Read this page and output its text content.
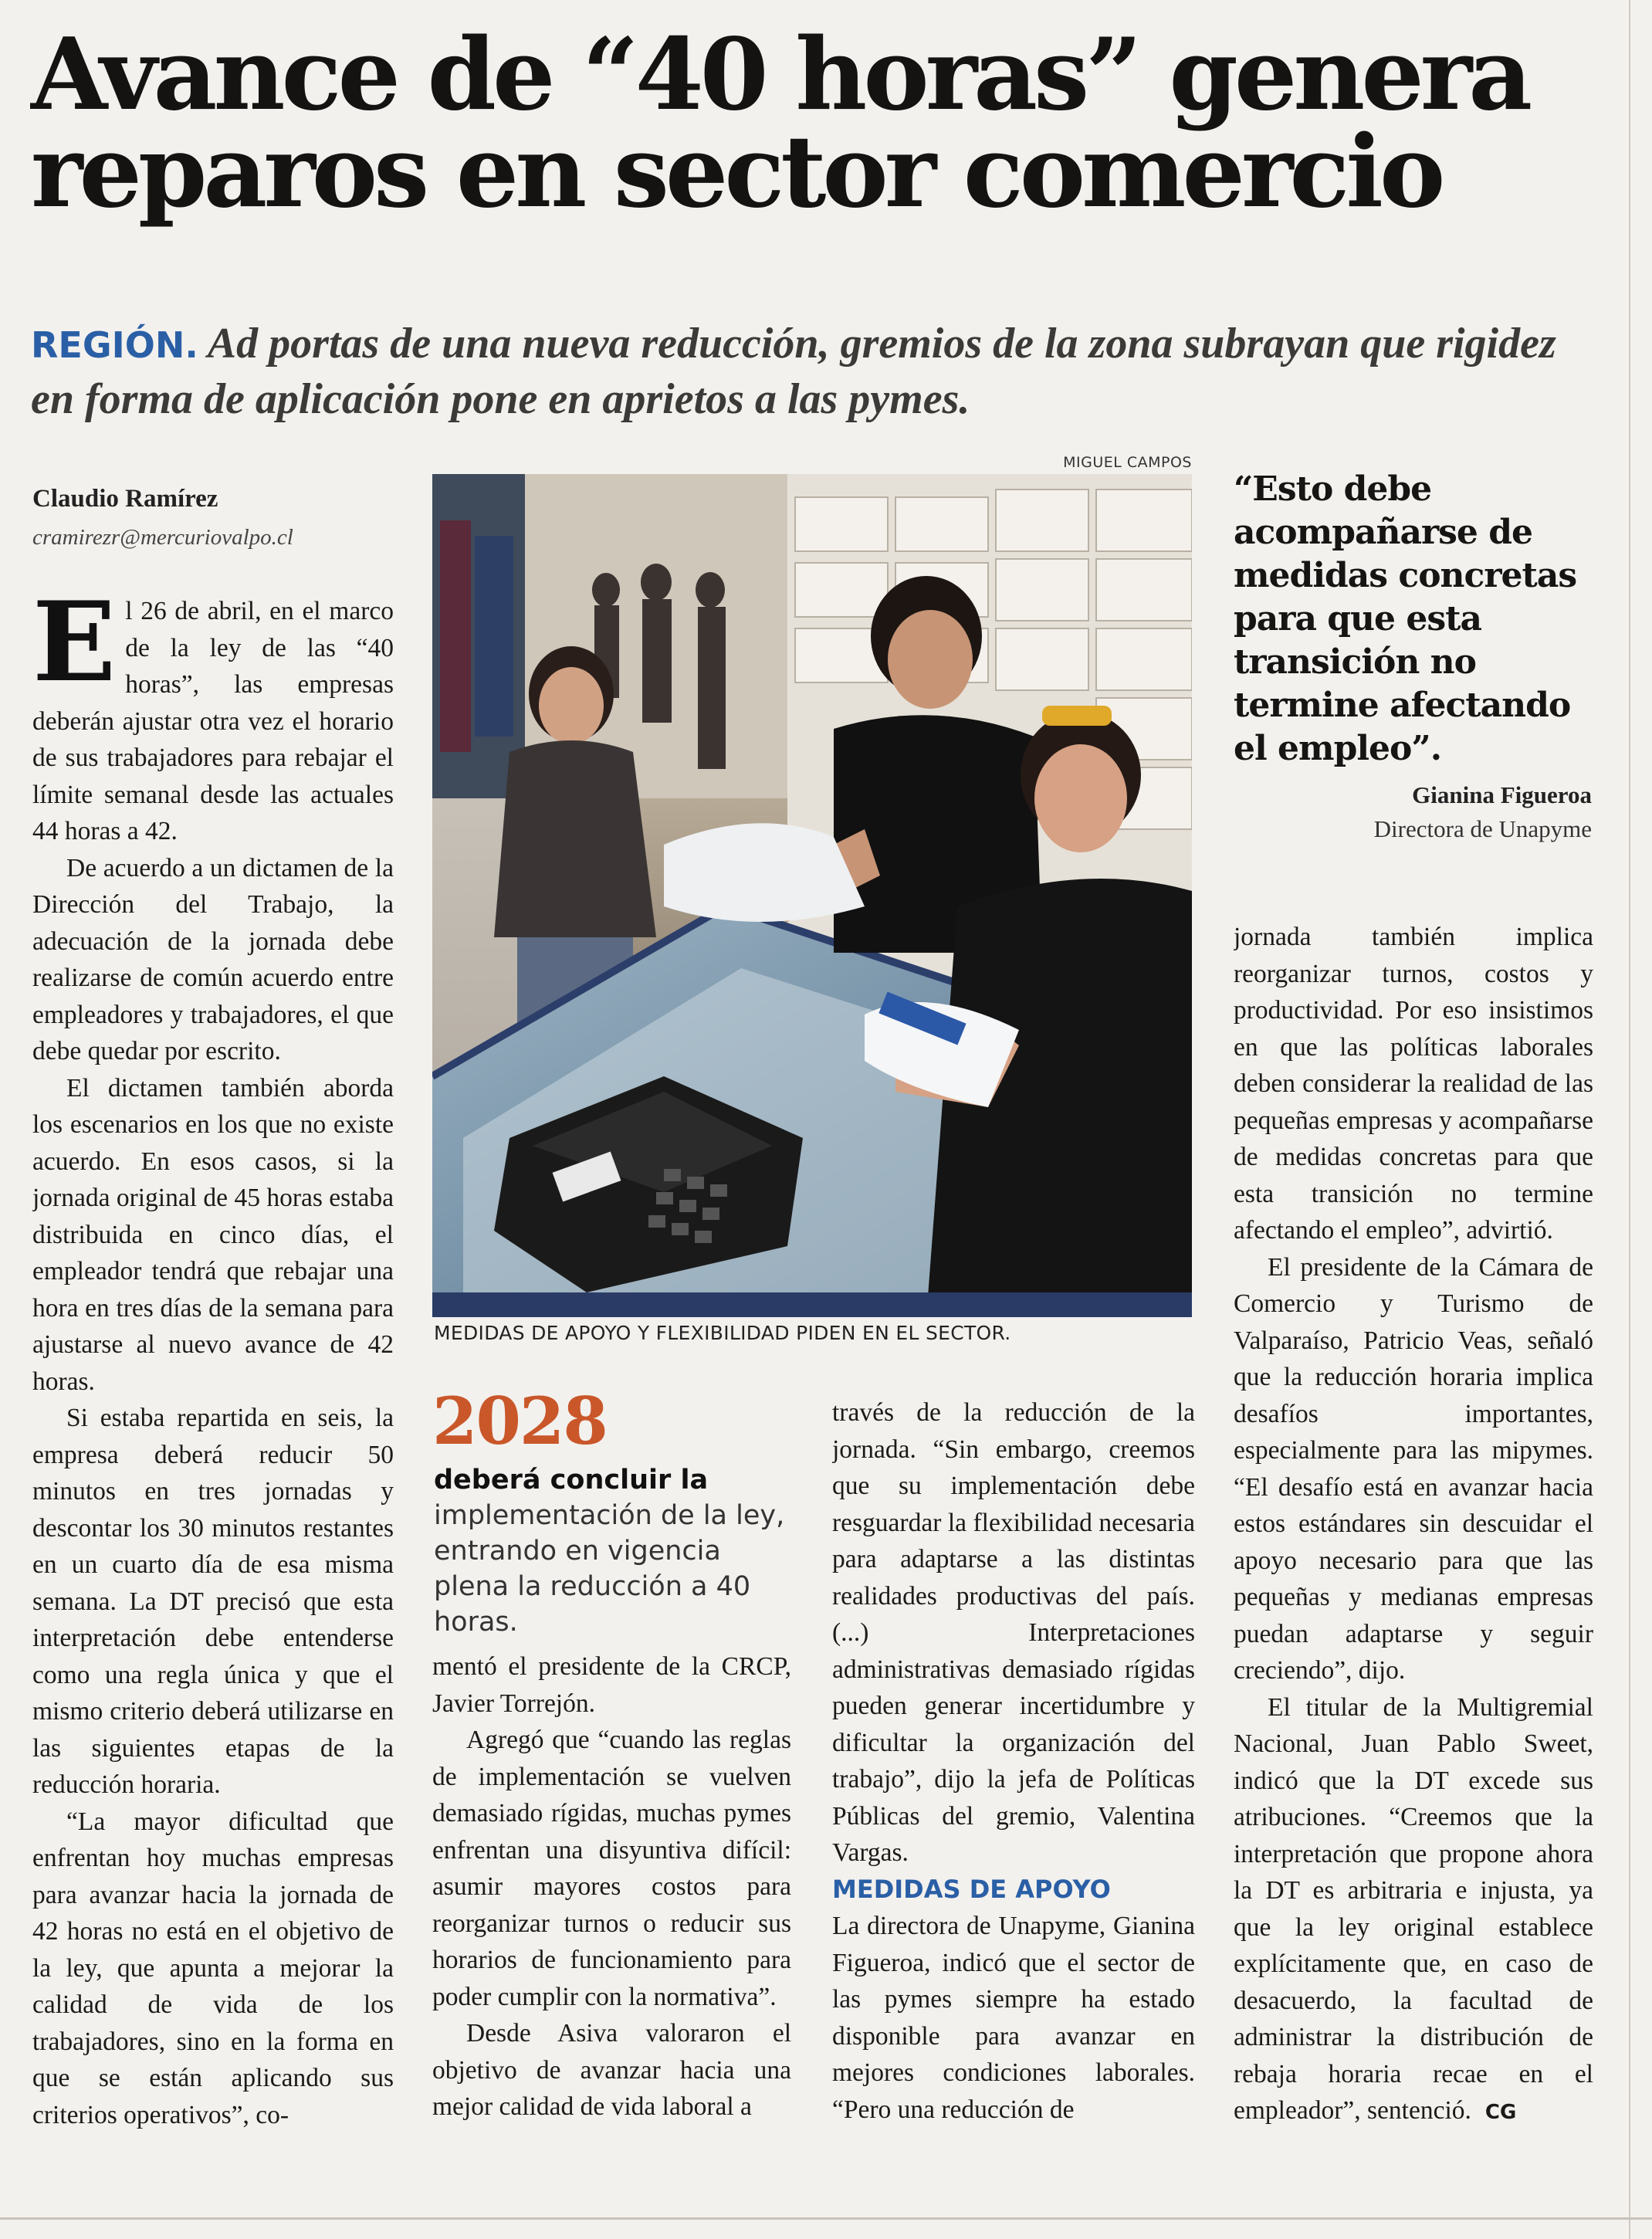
Avance de “40 horas” genera
reparos en sector comercio

REGIÓN. Ad portas de una nueva reducción, gremios de la zona subrayan que rigidez en forma de aplicación pone en aprietos a las pymes.

Claudio Ramírez
cramirezr@mercuriovalpo.cl

El 26 de abril, en el marco de la ley de las “40 horas”, las empresas deberán ajustar otra vez el horario de sus trabajadores para rebajar el límite semanal desde las actuales 44 horas a 42.

De acuerdo a un dictamen de la Dirección del Trabajo, la adecuación de la jornada debe realizarse de común acuerdo entre empleadores y trabajadores, el que debe quedar por escrito.

El dictamen también aborda los escenarios en los que no existe acuerdo. En esos casos, si la jornada original de 45 horas estaba distribuida en cinco días, el empleador tendrá que rebajar una hora en tres días de la semana para ajustarse al nuevo avance de 42 horas.

Si estaba repartida en seis, la empresa deberá reducir 50 minutos en tres jornadas y descontar los 30 minutos restantes en un cuarto día de esa misma semana. La DT precisó que esta interpretación debe entenderse como una regla única y que el mismo criterio deberá utilizarse en las siguientes etapas de la reducción horaria.

“La mayor dificultad que enfrentan hoy muchas empresas para avanzar hacia la jornada de 42 horas no está en el objetivo de la ley, que apunta a mejorar la calidad de vida de los trabajadores, sino en la forma en que se están aplicando sus criterios operativos”, co-

MIGUEL CAMPOS
MEDIDAS DE APOYO Y FLEXIBILIDAD PIDEN EN EL SECTOR.
“Esto debe acompañarse de medidas concretas para que esta transición no termine afectando el empleo”.
Gianina Figueroa
Directora de Unapyme
2028
deberá concluir la implementación de la ley, entrando en vigencia plena la reducción a 40 horas.

mentó el presidente de la CRCP, Javier Torrejón.

Agregó que “cuando las reglas de implementación se vuelven demasiado rígidas, muchas pymes enfrentan una disyuntiva difícil: asumir mayores costos para reorganizar turnos o reducir sus horarios de funcionamiento para poder cumplir con la normativa”.

Desde Asiva valoraron el objetivo de avanzar hacia una mejor calidad de vida laboral a

través de la reducción de la jornada. “Sin embargo, creemos que su implementación debe resguardar la flexibilidad necesaria para adaptarse a las distintas realidades productivas del país. (...) Interpretaciones administrativas demasiado rígidas pueden generar incertidumbre y dificultar la organización del trabajo”, dijo la jefa de Políticas Públicas del gremio, Valentina Vargas.

MEDIDAS DE APOYO

La directora de Unapyme, Gianina Figueroa, indicó que el sector de las pymes siempre ha estado disponible para avanzar en mejores condiciones laborales. “Pero una reducción de

jornada también implica reorganizar turnos, costos y productividad. Por eso insistimos en que las políticas laborales deben considerar la realidad de las pequeñas empresas y acompañarse de medidas concretas para que esta transición no termine afectando el empleo”, advirtió.

El presidente de la Cámara de Comercio y Turismo de Valparaíso, Patricio Veas, señaló que la reducción horaria implica desafíos importantes, especialmente para las mipymes. “El desafío está en avanzar hacia estos estándares sin descuidar el apoyo necesario para que las pequeñas y medianas empresas puedan adaptarse y seguir creciendo”, dijo.

El titular de la Multigremial Nacional, Juan Pablo Sweet, indicó que la DT excede sus atribuciones. “Creemos que la interpretación que propone ahora la DT es arbitraria e injusta, ya que la ley original establece explícitamente que, en caso de desacuerdo, la facultad de administrar la distribución de rebaja horaria recae en el empleador”, sentenció. CG
